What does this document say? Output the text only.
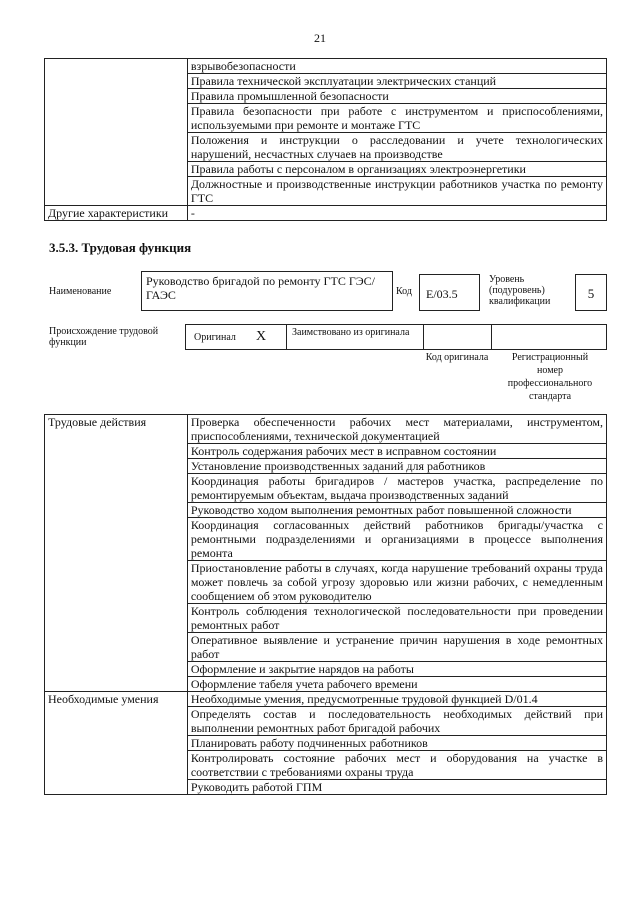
21
	взрывобезопасности
	Правила технической эксплуатации электрических станций
	Правила промышленной безопасности
	Правила безопасности при работе с инструментом и приспособлениями, используемыми при ремонте и монтаже ГТС
	Положения и инструкции о расследовании и учете технологических нарушений, несчастных случаев на производстве
	Правила работы с персоналом в организациях электроэнергетики
	Должностные и производственные инструкции работников участка по ремонту ГТС
Другие характеристики	-
3.5.3. Трудовая функция
Наименование
Руководство бригадой по ремонту ГТС ГЭС/ГАЭС	Код	E/03.5
Уровень (подуровень) квалификации
5
Происхождение трудовой функции	Оригинал X	Заимствовано из оригинала
Код оригинала	Регистрационный номер профессионального стандарта
Трудовые действия	Проверка обеспеченности рабочих мест материалами, инструментом, приспособлениями, технической документацией
	Контроль содержания рабочих мест в исправном состоянии
	Установление производственных заданий для работников
	Координация работы бригадиров / мастеров участка, распределение по ремонтируемым объектам, выдача производственных заданий
	Руководство ходом выполнения ремонтных работ повышенной сложности
	Координация согласованных действий работников бригады/участка с ремонтными подразделениями и организациями в процессе выполнения ремонта
	Приостановление работы в случаях, когда нарушение требований охраны труда может повлечь за собой угрозу здоровью или жизни рабочих, с немедленным сообщением об этом руководителю
	Контроль соблюдения технологической последовательности при проведении ремонтных работ
	Оперативное выявление и устранение причин нарушения в ходе ремонтных работ
	Оформление и закрытие нарядов на работы
	Оформление табеля учета рабочего времени
Необходимые умения	Необходимые умения, предусмотренные трудовой функцией D/01.4
	Определять состав и последовательность необходимых действий при выполнении ремонтных работ бригадой рабочих
	Планировать работу подчиненных работников
	Контролировать состояние рабочих мест и оборудования на участке в соответствии с требованиями охраны труда
	Руководить работой ГПМ
